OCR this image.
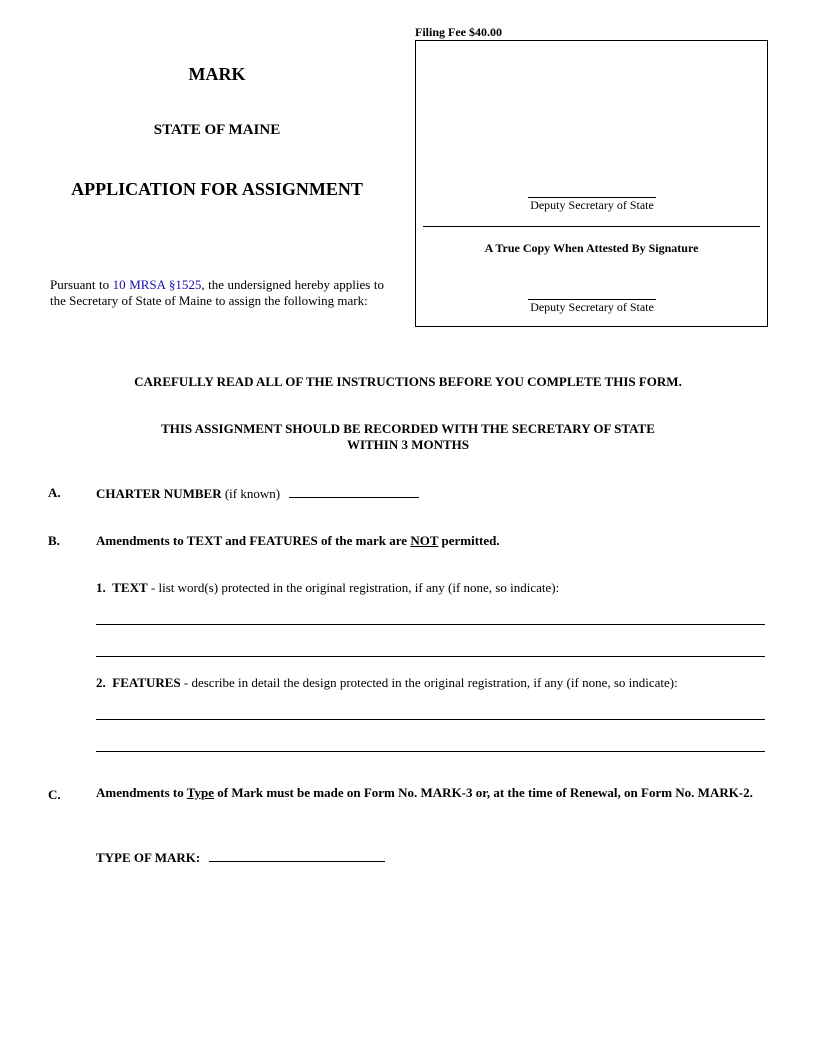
Filing Fee $40.00
Deputy Secretary of State
A True Copy When Attested By Signature
Deputy Secretary of State
MARK
STATE OF MAINE
APPLICATION FOR ASSIGNMENT
Pursuant to 10 MRSA §1525, the undersigned hereby applies to the Secretary of State of Maine to assign the following mark:
CAREFULLY READ ALL OF THE INSTRUCTIONS BEFORE YOU COMPLETE THIS FORM.
THIS ASSIGNMENT SHOULD BE RECORDED WITH THE SECRETARY OF STATE
WITHIN 3 MONTHS
A.	CHARTER NUMBER (if known)
B.	Amendments to TEXT and FEATURES of the mark are NOT permitted.
1. TEXT - list word(s) protected in the original registration, if any (if none, so indicate):
2. FEATURES - describe in detail the design protected in the original registration, if any (if none, so indicate):
C.	Amendments to Type of Mark must be made on Form No. MARK-3 or, at the time of Renewal, on Form No. MARK-2.
TYPE OF MARK:
